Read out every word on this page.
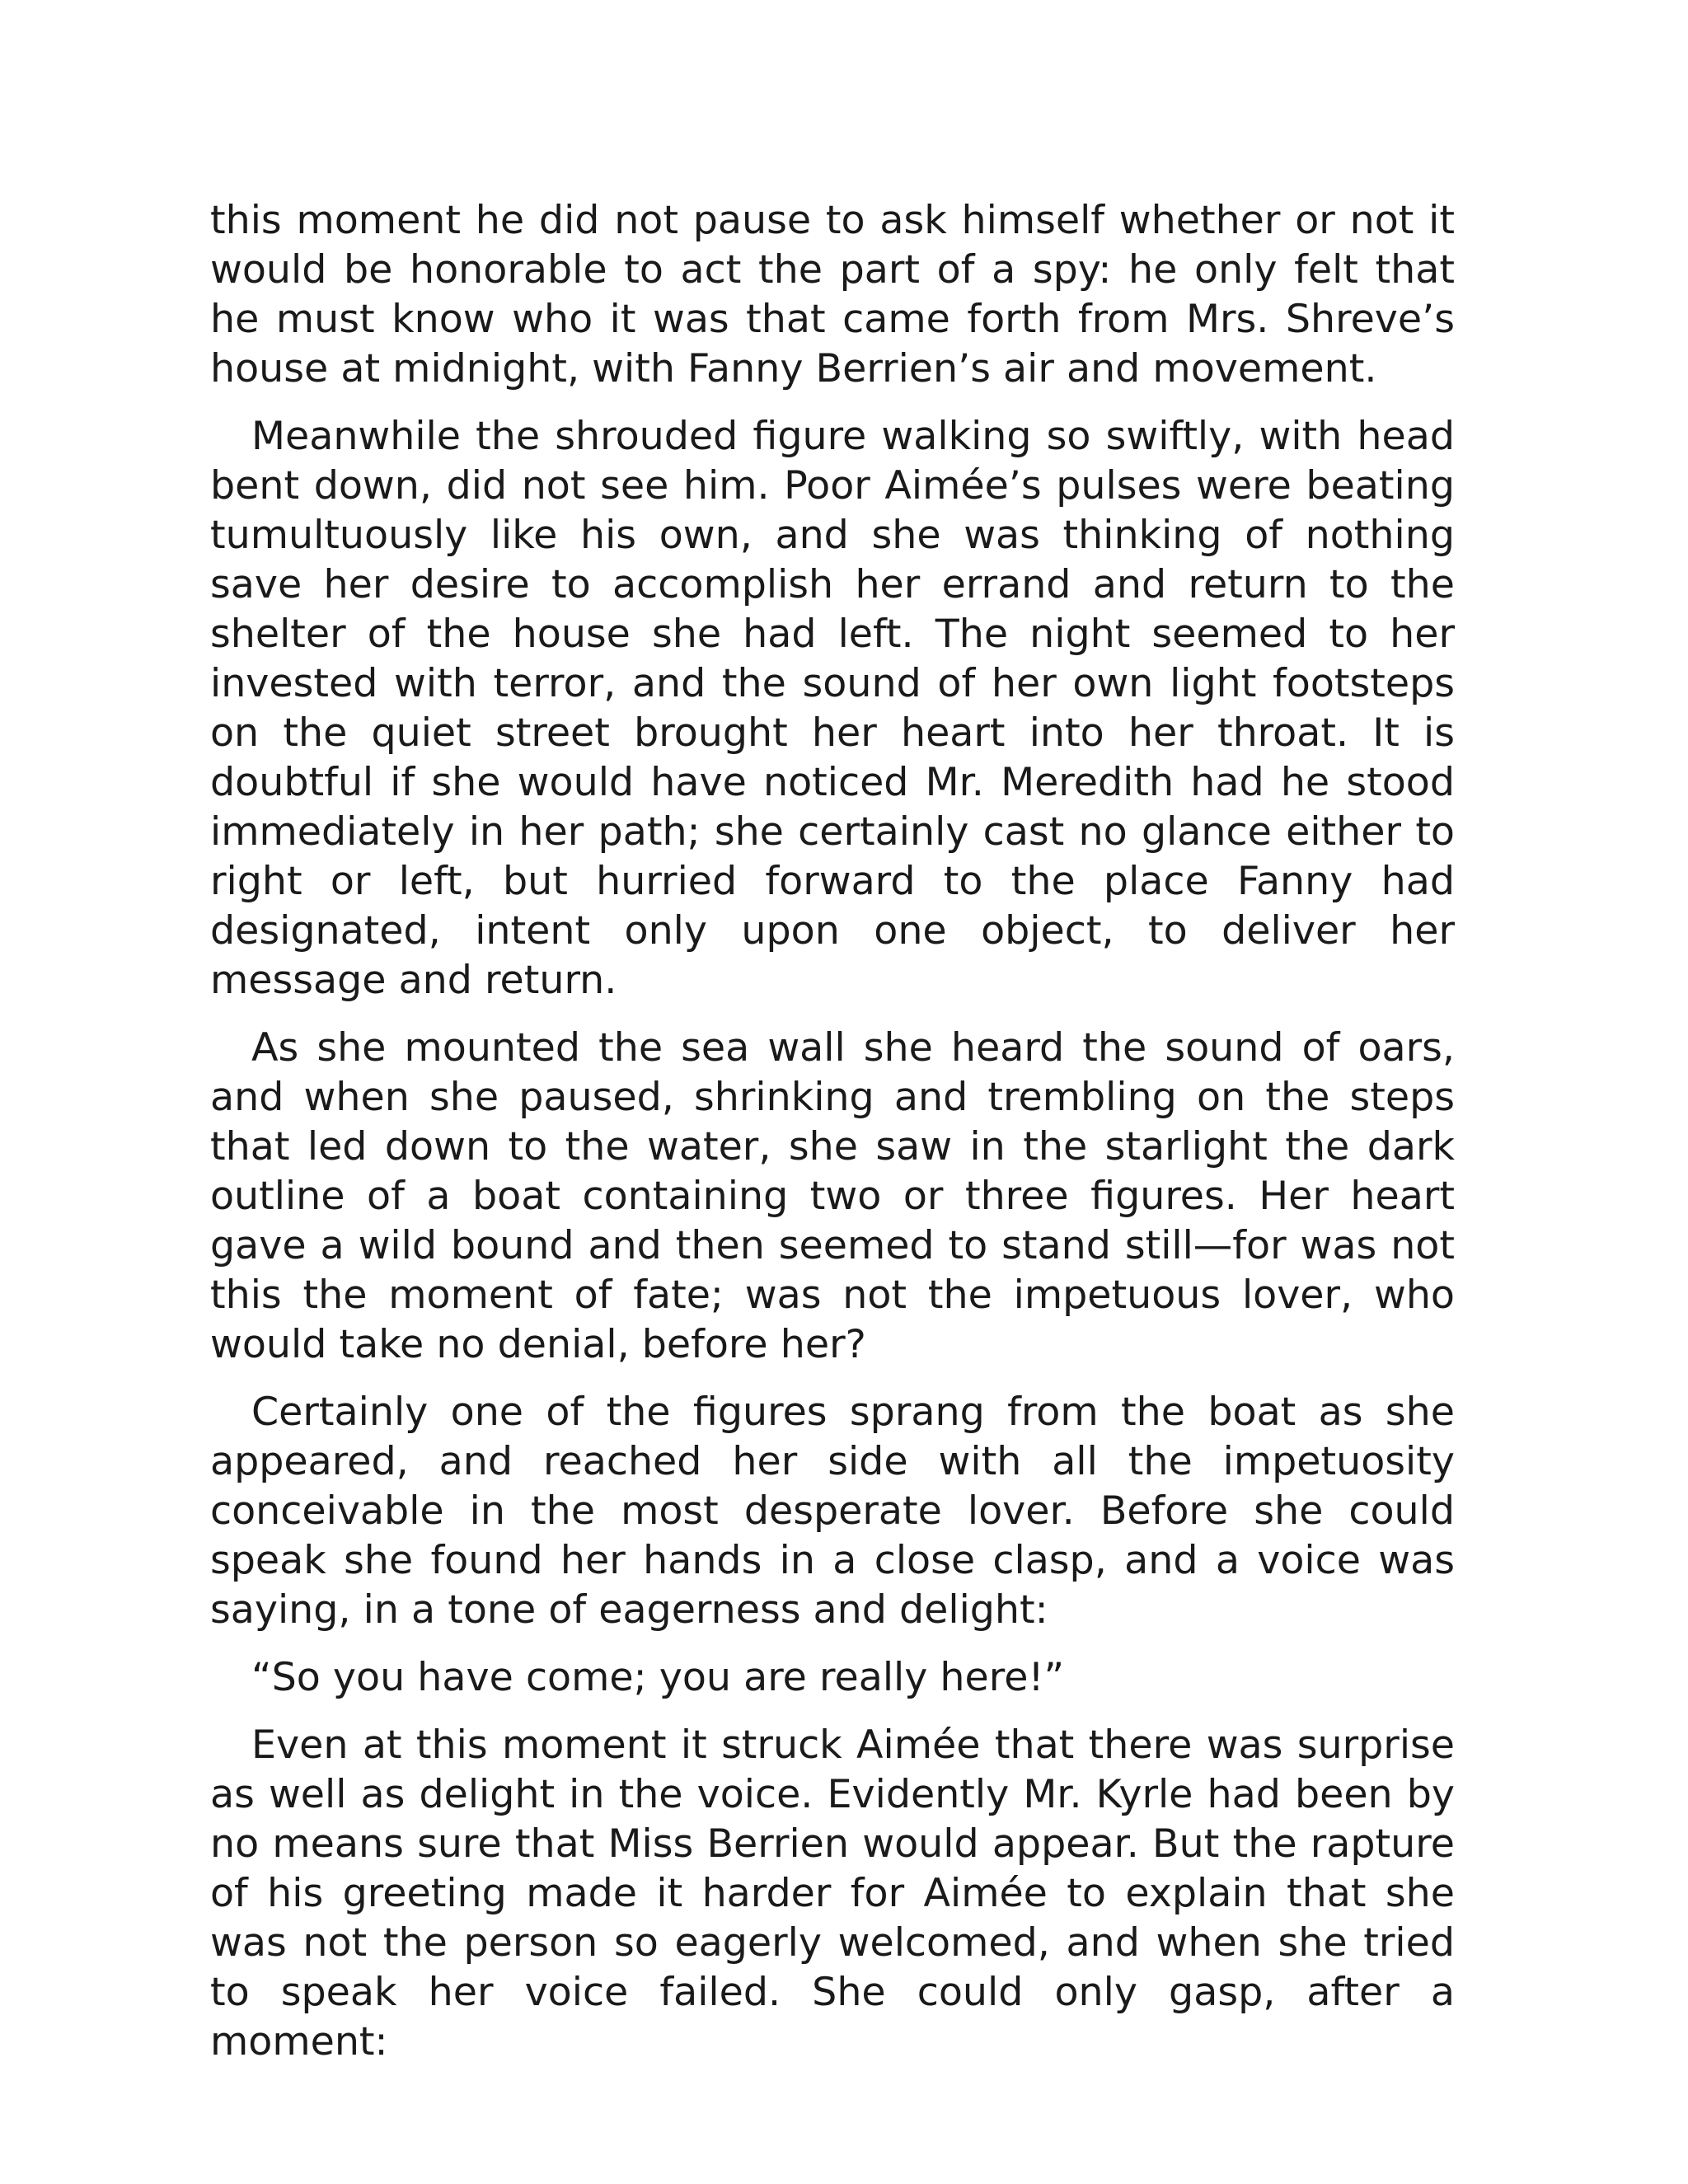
this moment he did not pause to ask himself whether or not it would be honorable to act the part of a spy: he only felt that he must know who it was that came forth from Mrs. Shreve’s house at midnight, with Fanny Berrien’s air and movement.

Meanwhile the shrouded figure walking so swiftly, with head bent down, did not see him. Poor Aimée’s pulses were beating tumultuously like his own, and she was thinking of nothing save her desire to accomplish her errand and return to the shelter of the house she had left. The night seemed to her invested with terror, and the sound of her own light footsteps on the quiet street brought her heart into her throat. It is doubtful if she would have noticed Mr. Meredith had he stood immediately in her path; she certainly cast no glance either to right or left, but hurried forward to the place Fanny had designated, intent only upon one object, to deliver her message and return.

As she mounted the sea wall she heard the sound of oars, and when she paused, shrinking and trembling on the steps that led down to the water, she saw in the starlight the dark outline of a boat containing two or three figures. Her heart gave a wild bound and then seemed to stand still—for was not this the moment of fate; was not the impetuous lover, who would take no denial, before her?

Certainly one of the figures sprang from the boat as she appeared, and reached her side with all the impetuosity conceivable in the most desperate lover. Before she could speak she found her hands in a close clasp, and a voice was saying, in a tone of eagerness and delight:

“So you have come; you are really here!”

Even at this moment it struck Aimée that there was surprise as well as delight in the voice. Evidently Mr. Kyrle had been by no means sure that Miss Berrien would appear. But the rapture of his greeting made it harder for Aimée to explain that she was not the person so eagerly welcomed, and when she tried to speak her voice failed. She could only gasp, after a moment:
